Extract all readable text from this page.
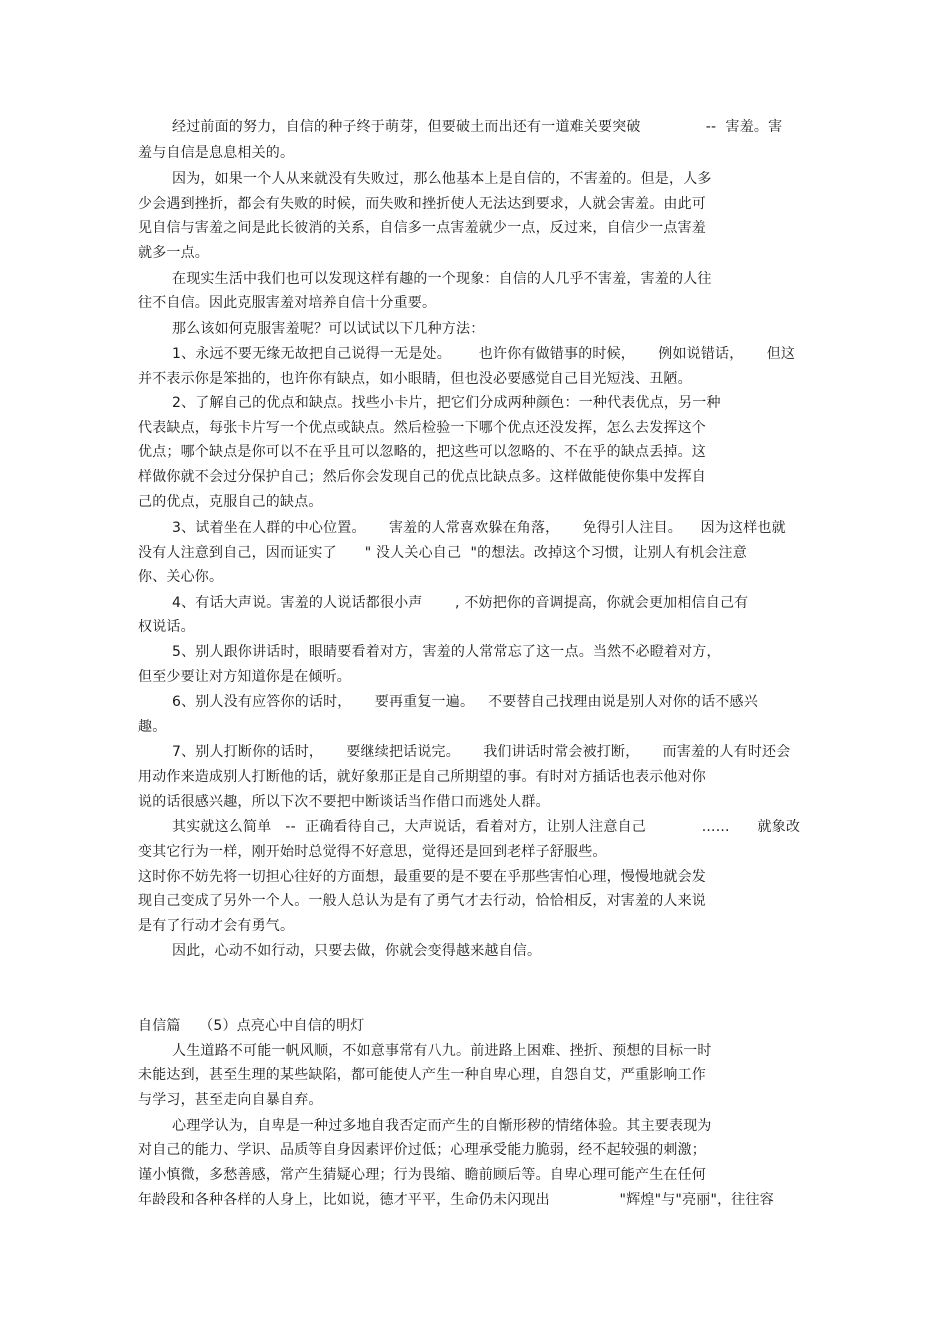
经过前面的努力，自信的种子终于萌芽，但要破土而出还有一道难关要突破              --  害羞。害
羞与自信是息息相关的。
因为，如果一个人从来就没有失败过，那么他基本上是自信的，不害羞的。但是，人多
少会遇到挫折，都会有失败的时候，而失败和挫折使人无法达到要求，人就会害羞。由此可
见自信与害羞之间是此长彼消的关系，自信多一点害羞就少一点，反过来，自信少一点害羞
就多一点。
在现实生活中我们也可以发现这样有趣的一个现象：自信的人几乎不害羞，害羞的人往
往不自信。因此克服害羞对培养自信十分重要。
那么该如何克服害羞呢？可以试试以下几种方法：
1、永远不要无缘无故把自己说得一无是处。      也许你有做错事的时候，     例如说错话，     但这
并不表示你是笨拙的，也许你有缺点，如小眼睛，但也没必要感觉自己目光短浅、丑陋。
2、了解自己的优点和缺点。找些小卡片，把它们分成两种颜色：一种代表优点，另一种
代表缺点，每张卡片写一个优点或缺点。然后检验一下哪个优点还没发挥，怎么去发挥这个
优点；哪个缺点是你可以不在乎且可以忽略的，把这些可以忽略的、不在乎的缺点丢掉。这
样做你就不会过分保护自己；然后你会发现自己的优点比缺点多。这样做能使你集中发挥自
己的优点，克服自己的缺点。
3、试着坐在人群的中心位置。     害羞的人常喜欢躲在角落，     免得引人注目。    因为这样也就
没有人注意到自己，因而证实了      " 没人关心自己  "的想法。改掉这个习惯，让别人有机会注意
你、关心你。
4、有话大声说。害羞的人说话都很小声       , 不妨把你的音调提高，你就会更加相信自己有
权说话。
5、别人跟你讲话时，眼睛要看着对方，害羞的人常常忘了这一点。当然不必瞪着对方，
但至少要让对方知道你是在倾听。
6、别人没有应答你的话时，     要再重复一遍。   不要替自己找理由说是别人对你的话不感兴
趣。
7、别人打断你的话时，     要继续把话说完。     我们讲话时常会被打断，     而害羞的人有时还会
用动作来造成别人打断他的话，就好象那正是自己所期望的事。有时对方插话也表示他对你
说的话很感兴趣，所以下次不要把中断谈话当作借口而逃处人群。
其实就这么简单   --  正确看待自己，大声说话，看着对方，让别人注意自己            ......      就象改
变其它行为一样，刚开始时总觉得不好意思，觉得还是回到老样子舒服些。
这时你不妨先将一切担心往好的方面想，最重要的是不要在乎那些害怕心理，慢慢地就会发
现自己变成了另外一个人。一般人总认为是有了勇气才去行动，恰恰相反，对害羞的人来说
是有了行动才会有勇气。
因此，心动不如行动，只要去做，你就会变得越来越自信。
自信篇    （5）点亮心中自信的明灯
人生道路不可能一帆风顺，不如意事常有八九。前进路上困难、挫折、预想的目标一时
未能达到，甚至生理的某些缺陷，都可能使人产生一种自卑心理，自怨自艾，严重影响工作
与学习，甚至走向自暴自弃。
心理学认为，自卑是一种过多地自我否定而产生的自惭形秽的情绪体验。其主要表现为
对自己的能力、学识、品质等自身因素评价过低；心理承受能力脆弱，经不起较强的刺激；
谨小慎微，多愁善感，常产生猜疑心理；行为畏缩、瞻前顾后等。自卑心理可能产生在任何
年龄段和各种各样的人身上，比如说，德才平平，生命仍未闪现出               "辉煌"与"亮丽"，往往容
